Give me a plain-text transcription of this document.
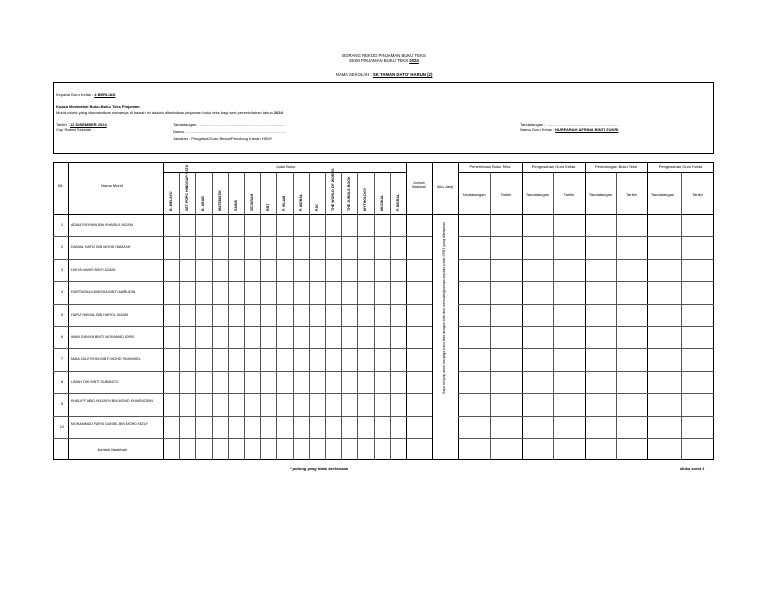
BORANG REKOD PINJAMAN BUKU TEKS
SKIM PINJAMAN BUKU TEKS 2024
NAMA SEKOLAH : SK TAMAN DATO' HARUN (2)
Kepada Guru Kelas : 4 BERLIAN
Kuasa Membekal Buku-Buku Teks Pinjaman
Murid-murid yang disenaraikan namanya di bawah ini adalah dibekalkan pinjaman buku teks bagi sesi persekolahan tahun 2024
Tarikh : 12 DISEMBER 2024
Cop Rasmi Sekolah :
Tandatangan : .............................................................................
Nama : .........................................................................................
Jawatan : Pengetua/Guru Besar/Penolong Kanan HEM*
Tandatangan : .................................................................
Nama Guru Kelas : NURFARAH AFRINA BINTI ZUKRI
Bil.	Nama Murid
Judul Buku
Jumlah Naskhah	Aku Janji
B. MELAYU	SET PDPC HINGGAP SATU	B. ARAB	MATEMATIK	SAINS	SEJARAH	RBT	P. ISLAM	P. MORAL	PJK	THE WORLD OF WORDS	THE JUNGLE BOOK	MYTHOLOGY	MUZIKAL	P. MORAL
Penerimaan Buku Teks
Tandatangan	Tarikh
Pengesahan Guru Kelas
Tandatangan	Tarikh
Pemulangan Buku Teks
Tandatangan	Tarikh
Pengesahan Guru Kelas
Tandatangan	Tarikh
1	ADAM RAYHAN BIN KHAIRUL NIZAM
2	DANIAL HAFIZ BIN MOHD HAMZAH
3	DHIYA HANIS BINTI AZAMI
4	FAIRTASHA KAMISHA BINTI AMRUDIN
5	HAFIZ NIKHAL BIN HAFIDL NIZAM
6	IMAN RANIYA BINTI MOHAMAD IDRIS
7	MAIA ZULEYKHA BINTI MOHD SHAHMIEL
8	LIMAH OHI BINTI SUBANTO
9	KHALIFF ABID HUSAYN BIN MOHD KHAIRUDDIN
10	MOHAMMAD FARIS DANIEL BIN MOHD NIZLY
Saya berjanji akan menjaga buku teks dengan baik dan memulangkannya kepada pihak SPBT yang ditetapkan
Jumlah Naskhah
* potong yang tidak berkenaan	Muka surat 1
